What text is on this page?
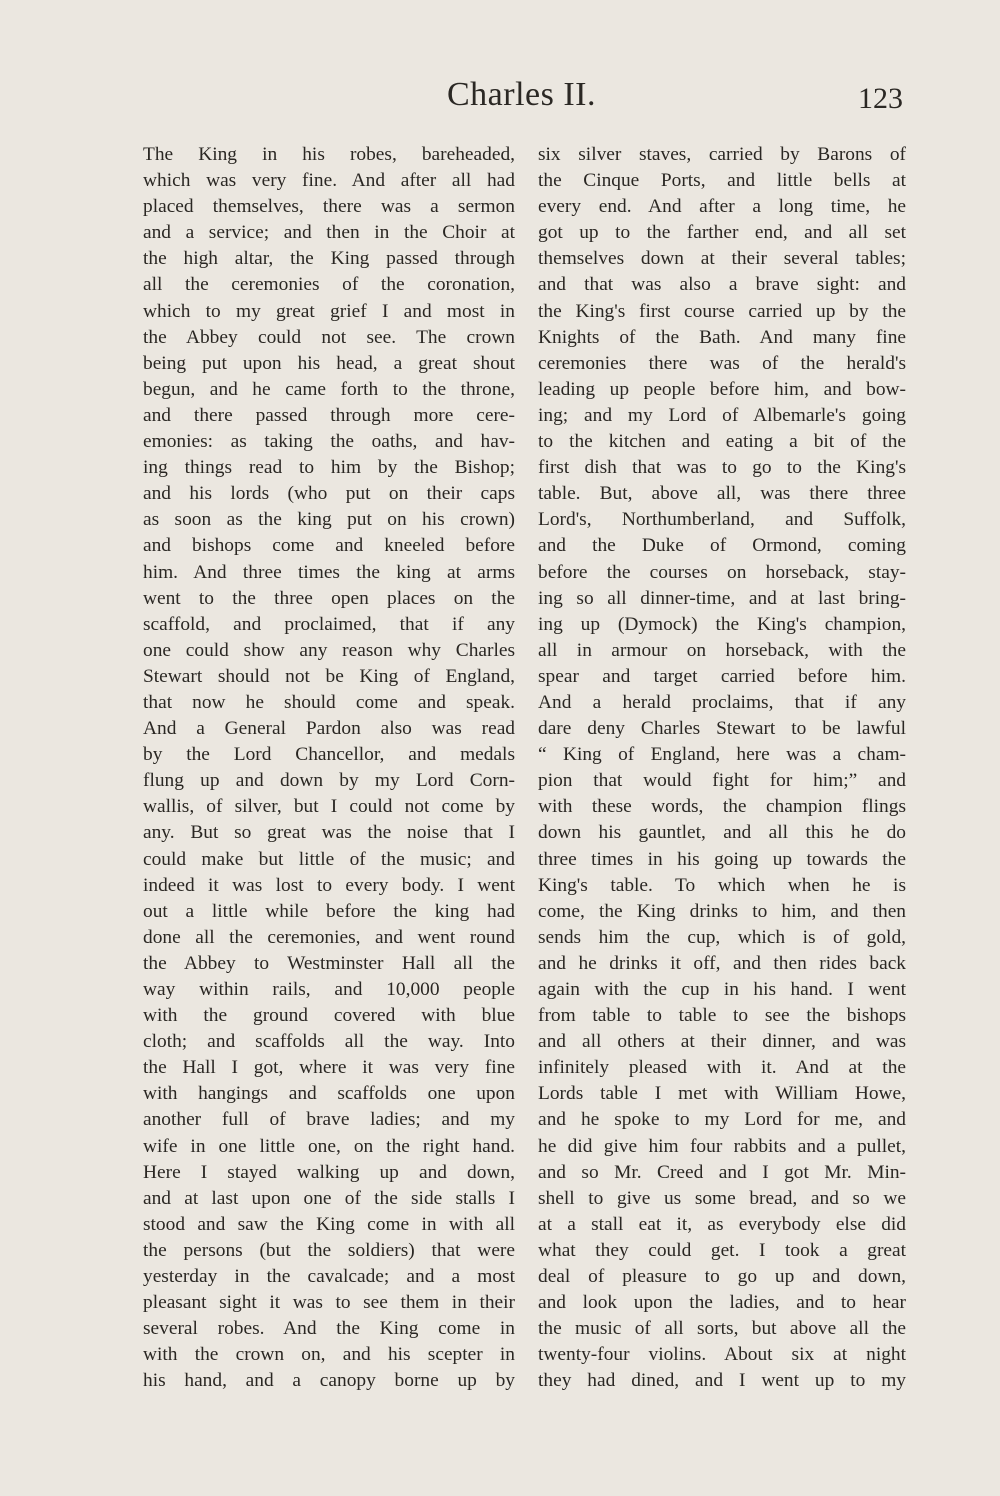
Charles II.	123
The King in his robes, bareheaded,
which was very fine. And after all had
placed themselves, there was a sermon
and a service; and then in the Choir at
the high altar, the King passed through
all the ceremonies of the coronation,
which to my great grief I and most in
the Abbey could not see. The crown
being put upon his head, a great shout
begun, and he came forth to the throne,
and there passed through more cere-
emonies: as taking the oaths, and hav-
ing things read to him by the Bishop;
and his lords (who put on their caps
as soon as the king put on his crown)
and bishops come and kneeled before
him. And three times the king at arms
went to the three open places on the
scaffold, and proclaimed, that if any
one could show any reason why Charles
Stewart should not be King of England,
that now he should come and speak.
And a General Pardon also was read
by the Lord Chancellor, and medals
flung up and down by my Lord Corn-
wallis, of silver, but I could not come by
any. But so great was the noise that I
could make but little of the music; and
indeed it was lost to every body. I went
out a little while before the king had
done all the ceremonies, and went round
the Abbey to Westminster Hall all the
way within rails, and 10,000 people
with the ground covered with blue
cloth; and scaffolds all the way. Into
the Hall I got, where it was very fine
with hangings and scaffolds one upon
another full of brave ladies; and my
wife in one little one, on the right hand.
Here I stayed walking up and down,
and at last upon one of the side stalls I
stood and saw the King come in with all
the persons (but the soldiers) that were
yesterday in the cavalcade; and a most
pleasant sight it was to see them in their
several robes. And the King come in
with the crown on, and his scepter in
his hand, and a canopy borne up by
six silver staves, carried by Barons of
the Cinque Ports, and little bells at
every end. And after a long time, he
got up to the farther end, and all set
themselves down at their several tables;
and that was also a brave sight: and
the King's first course carried up by the
Knights of the Bath. And many fine
ceremonies there was of the herald's
leading up people before him, and bow-
ing; and my Lord of Albemarle's going
to the kitchen and eating a bit of the
first dish that was to go to the King's
table. But, above all, was there three
Lord's, Northumberland, and Suffolk,
and the Duke of Ormond, coming
before the courses on horseback, stay-
ing so all dinner-time, and at last bring-
ing up (Dymock) the King's champion,
all in armour on horseback, with the
spear and target carried before him.
And a herald proclaims, that if any
dare deny Charles Stewart to be lawful
“ King of England, here was a cham-
pion that would fight for him;” and
with these words, the champion flings
down his gauntlet, and all this he do
three times in his going up towards the
King's table. To which when he is
come, the King drinks to him, and then
sends him the cup, which is of gold,
and he drinks it off, and then rides back
again with the cup in his hand. I went
from table to table to see the bishops
and all others at their dinner, and was
infinitely pleased with it. And at the
Lords table I met with William Howe,
and he spoke to my Lord for me, and
he did give him four rabbits and a pullet,
and so Mr. Creed and I got Mr. Min-
shell to give us some bread, and so we
at a stall eat it, as everybody else did
what they could get. I took a great
deal of pleasure to go up and down,
and look upon the ladies, and to hear
the music of all sorts, but above all the
twenty-four violins. About six at night
they had dined, and I went up to my
